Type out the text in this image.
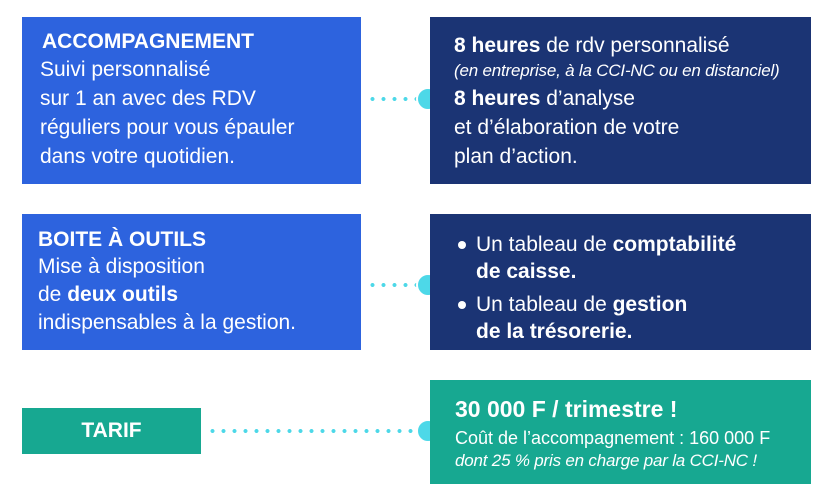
ACCOMPAGNEMENT
Suivi personnalisé
sur 1 an avec des RDV
réguliers pour vous épauler
dans votre quotidien.
8 heures de rdv personnalisé
(en entreprise, à la CCI-NC ou en distanciel)
8 heures d’analyse
et d’élaboration de votre
plan d’action.
BOITE À OUTILS
Mise à disposition
de deux outils
indispensables à la gestion.
Un tableau de comptabilité
de caisse.
Un tableau de gestion
de la trésorerie.
TARIF
30 000 F / trimestre !
Coût de l’accompagnement : 160 000 F
dont 25 % pris en charge par la CCI-NC !
